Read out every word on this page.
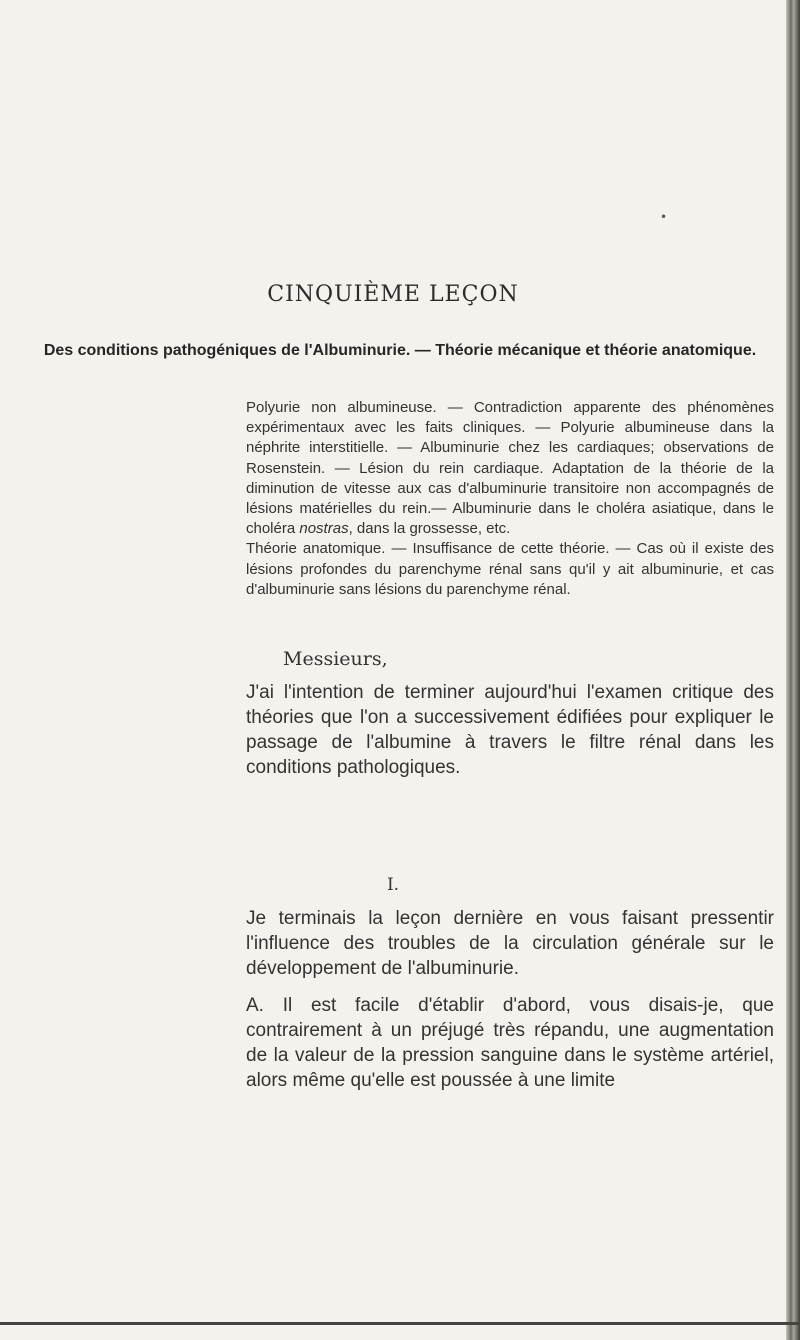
•
CINQUIÈME LEÇON
Des conditions pathogéniques de l'Albuminurie. — Théorie mécanique et théorie anatomique.

Polyurie non albumineuse. — Contradiction apparente des phénomènes expérimentaux avec les faits cliniques. — Polyurie albumineuse dans la néphrite interstitielle. — Albuminurie chez les cardiaques; observations de Rosenstein. — Lésion du rein cardiaque. Adaptation de la théorie de la diminution de vitesse aux cas d'albuminurie transitoire non accompagnés de lésions matérielles du rein.— Albuminurie dans le choléra asiatique, dans le choléra nostras, dans la grossesse, etc.

Théorie anatomique. — Insuffisance de cette théorie. — Cas où il existe des lésions profondes du parenchyme rénal sans qu'il y ait albuminurie, et cas d'albuminurie sans lésions du parenchyme rénal.

Messieurs,

J'ai l'intention de terminer aujourd'hui l'examen critique des théories que l'on a successivement édifiées pour expliquer le passage de l'albumine à travers le filtre rénal dans les conditions pathologiques.

I.

Je terminais la leçon dernière en vous faisant pressentir l'influence des troubles de la circulation générale sur le développement de l'albuminurie.

A. Il est facile d'établir d'abord, vous disais-je, que contrairement à un préjugé très répandu, une augmentation de la valeur de la pression sanguine dans le système artériel, alors même qu'elle est poussée à une limite
